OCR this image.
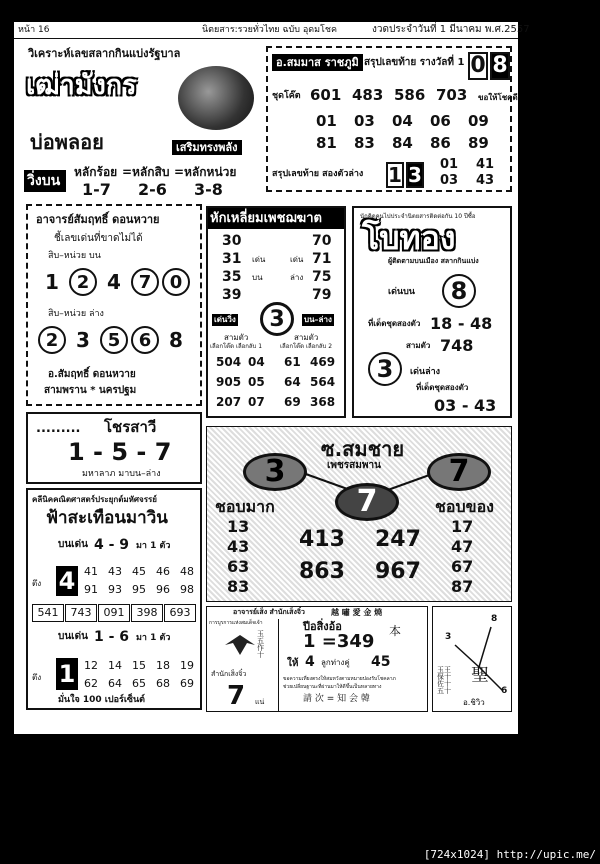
หน้า 16	นิตยสาร:รวยทั่วไทย ฉบับ อุดมโชค	งวดประจำวันที่ 1 มีนาคม พ.ศ.2557
วิเคราะห์เลขสลากกินแบ่งรัฐบาล
เฒ่ามังกร
บ่อพลอย	เสริมทรงพลัง
วิ่งบน
หลักร้อย = หลักสิบ = หลักหน่วย
1-7 2-6 3-8
อ.สมมาส ราชภูมิ สรุปเลขท้าย รางวัลที่ 1 0 8
ชุดโค๊ต 601 483 586 703 ขอให้โชคดี
01 03 04 06 09
81 83 84 86 89
สรุปเลขท้าย สองตัวล่าง 1 3 01 41
03 43
อาจารย์สัมฤทธิ์ ดอนหวาย
ชี้เลขเด่นที่ขาดไม่ได้
สิบ–หน่วย บน
1 2 4 7	0
สิบ–หน่วย ล่าง
2 3 5	6 8
อ.สัมฤทธิ์ ดอนหวาย
สามพราน * นครปฐม
หักเหลี่ยมเพชฌฆาต
30	70
31 เด่น	เด่น 71
35 บน	ล่าง 75
39	79
3
เด่นวิ่ง	บน–ล่าง
สามตัว	สามตัว
เลือกโต๊ด เลือกลับ 1	เลือกโต๊ด เลือกลับ 2
504 04 61 469
905 05 64 564
207 07 69 368
นักคิดคนไปประจำนิตยสารติดต่อกัน 10 ปีซื้อ
โบทอง
ผู้ติดตามบนเมือง สลากกินแบ่ง
เด่นบน	8
ที่เด็ดชุดสองตัว 18 - 48
สามตัว 748
3	เด่นล่าง
ที่เด็ดชุดสองตัว
03 - 43
......... โชรสาวี
1 - 5 - 7
มหาลาภ มาบน–ล่าง
คลีนิคคณิตศาสตร์ประยุกต์มหัศจรรย์
ฟ้าสะเทือนมาวิน
บนเด่น 4 - 9 มา 1 ตัว
ตึง 4 41 43 45 46 48
91 93 95 96 98
541	743	091	398	693
บนเด่น 1 - 6 มา 1 ตัว
ตึง 1 12 14 15 18 19
62 64 65 68 69
มั่นใจ 100 เปอร์เซ็นต์
ซ.สมชาย
เพชรสมพาน
3
7
7
ชอบมาก	ชอบของ
13
43
63
83
413 247
863 967
17
47
67
87
อาจารย์เส็ง สำนักเส็งจิ๋ว	越 嘯 愛 金 燒
การบูรการแห่งสมเด็จเจ้า
玉五 作 十
สำนักเส็งจิ๋ว
7 แน่
ปีอสิ่งอ้อ
1 =349 本
ให้ 4 ลูกท่างคู่ 45
ขอความเที่ยงตรงให้สมหวังตามหมายปองรับโชคลาภ
ช่วยเปลี่ยนฐานะที่ผ่านมาให้ดีขึ้นเป็นหลายทาง
請 次 = 知 会 韓
3
8
6
玉王 保十 佐十 五十
聖
อ.ชิวิว
[724x1024] http://upic.me/
